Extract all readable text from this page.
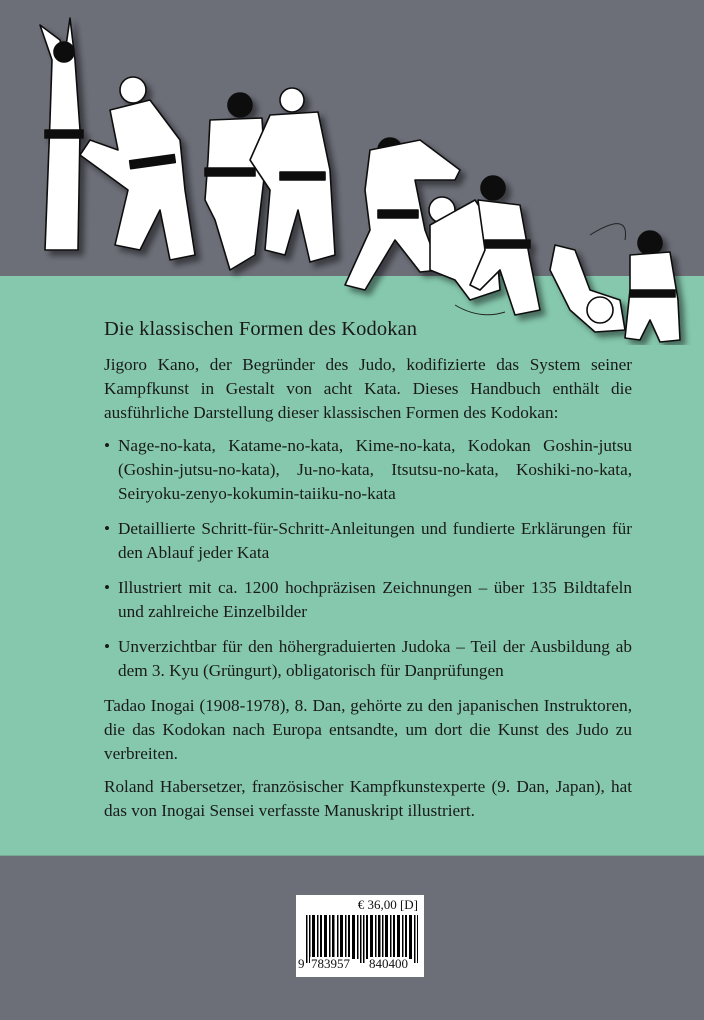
Die klassischen Formen des Kodokan

Jigoro Kano, der Begründer des Judo, kodifizierte das System seiner Kampfkunst in Gestalt von acht Kata. Dieses Handbuch enthält die ausführliche Darstellung dieser klassischen Formen des Kodokan:

• Nage-no-kata, Katame-no-kata, Kime-no-kata, Kodokan Goshin-jutsu (Goshin-jutsu-no-kata), Ju-no-kata, Itsutsu-no-kata, Koshiki-no-kata, Seiryoku-zenyo-kokumin-taiiku-no-kata
• Detaillierte Schritt-für-Schritt-Anleitungen und fundierte Erklärungen für den Ablauf jeder Kata
• Illustriert mit ca. 1200 hochpräzisen Zeichnungen – über 135 Bildtafeln und zahlreiche Einzelbilder
• Unverzichtbar für den höhergraduierten Judoka – Teil der Ausbildung ab dem 3. Kyu (Grüngurt), obligatorisch für Danprüfungen

Tadao Inogai (1908-1978), 8. Dan, gehörte zu den japanischen Instruktoren, die das Kodokan nach Europa entsandte, um dort die Kunst des Judo zu verbreiten.

Roland Habersetzer, französischer Kampfkunstexperte (9. Dan, Japan), hat das von Inogai Sensei verfasste Manuskript illustriert.

€ 36,00 [D]
9 783957 840400
